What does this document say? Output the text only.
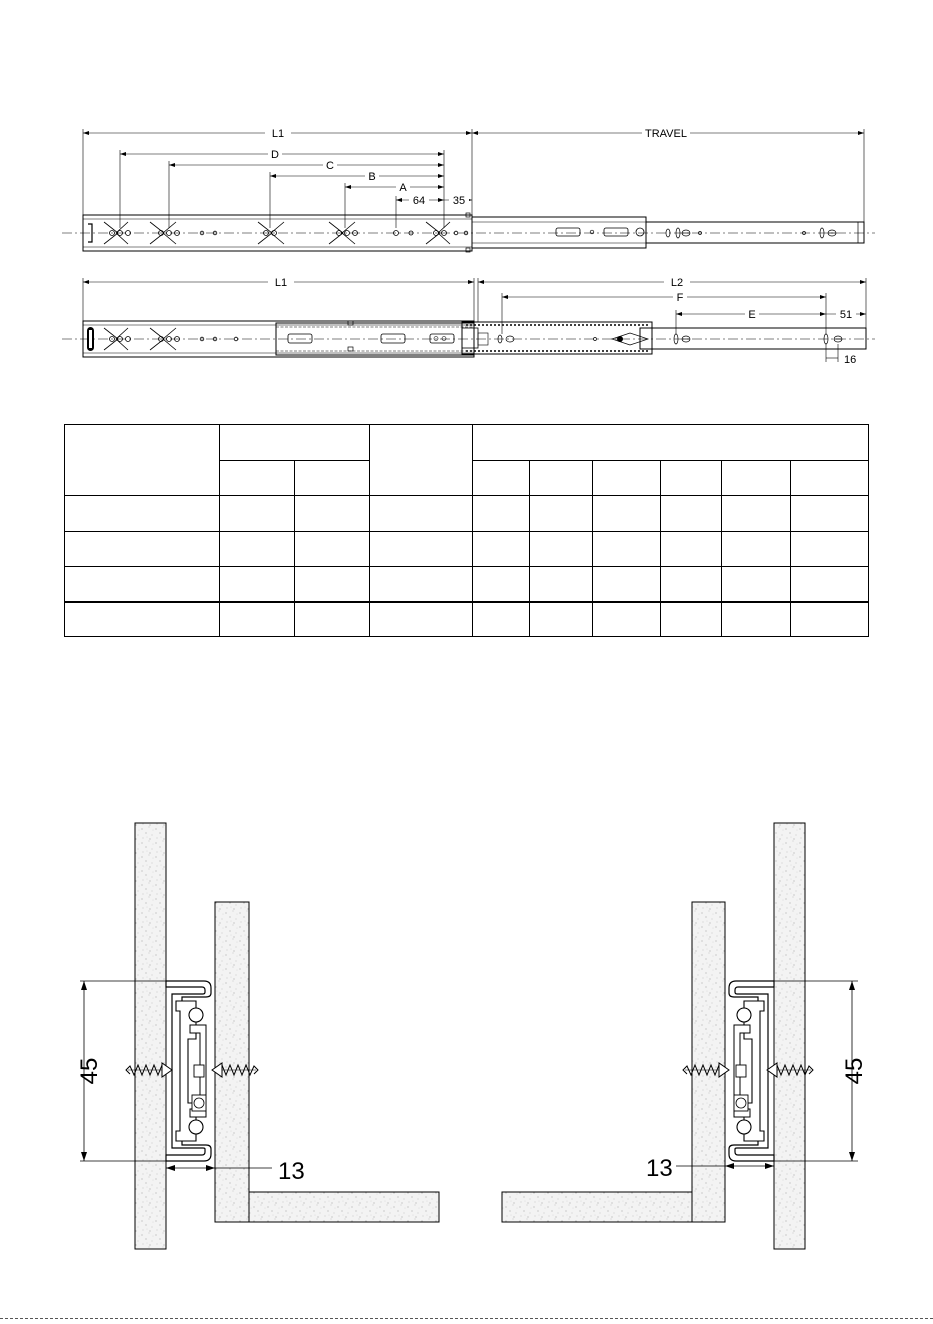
L1	TRAVEL
D
C
B
A
64	35
L1	L2
F
E	51
16

45
13
45
13
